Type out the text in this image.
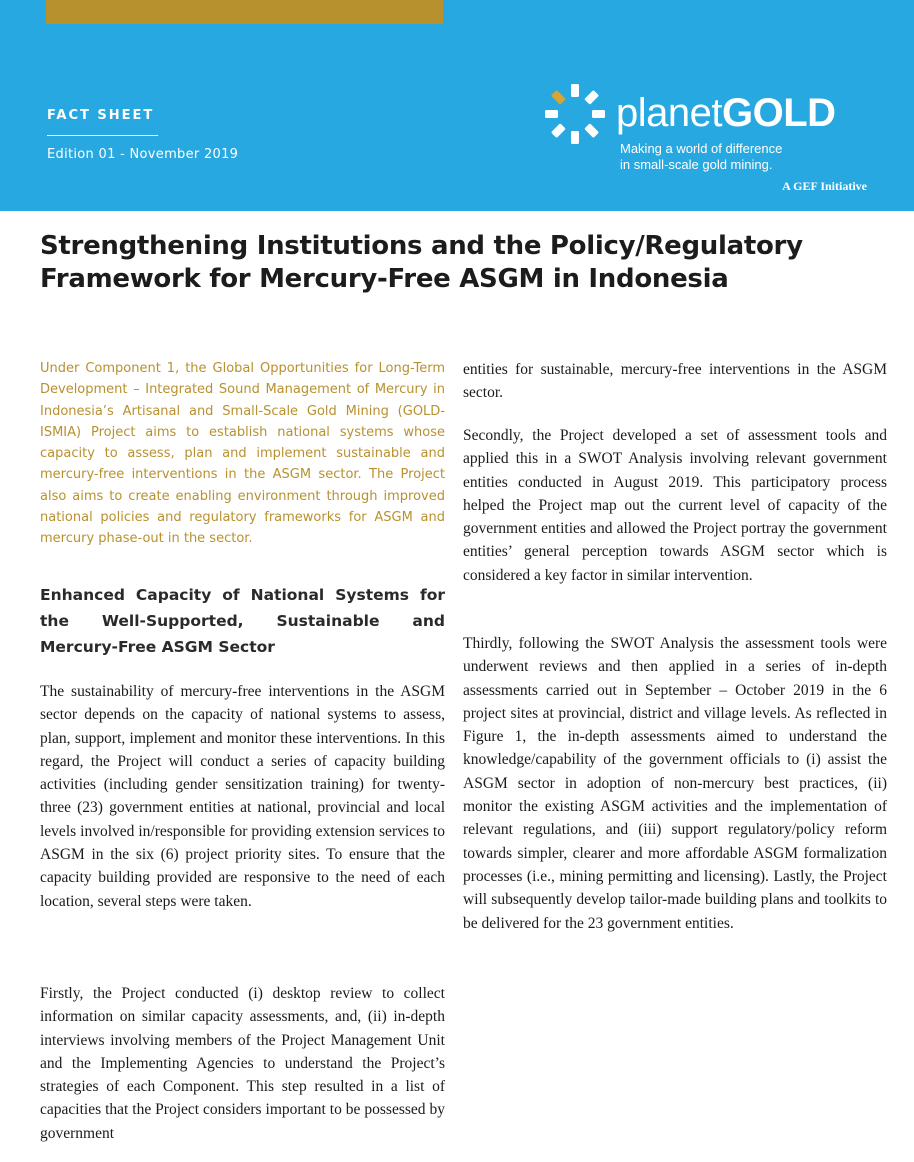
FACT SHEET
Edition 01 - November 2019
planetGOLD
Making a world of difference
in small-scale gold mining.
A GEF Initiative
Strengthening Institutions and the Policy/Regulatory Framework for Mercury-Free ASGM in Indonesia
Under Component 1, the Global Opportunities for Long-Term Development – Integrated Sound Management of Mercury in Indonesia’s Artisanal and Small-Scale Gold Mining (GOLD-ISMIA) Project aims to establish national systems whose capacity to assess, plan and implement sustainable and mercury-free interventions in the ASGM sector. The Project also aims to create enabling environment through improved national policies and regulatory frameworks for ASGM and mercury phase-out in the sector.
Enhanced Capacity of National Systems for the Well-Supported, Sustainable and Mercury-Free ASGM Sector

The sustainability of mercury-free interventions in the ASGM sector depends on the capacity of national systems to assess, plan, support, implement and monitor these interventions. In this regard, the Project will conduct a series of capacity building activities (including gender sensitization training) for twenty-three (23) government entities at national, provincial and local levels involved in/responsible for providing extension services to ASGM in the six (6) project priority sites. To ensure that the capacity building provided are responsive to the need of each location, several steps were taken.

Firstly, the Project conducted (i) desktop review to collect information on similar capacity assessments, and, (ii) in-depth interviews involving members of the Project Management Unit and the Implementing Agencies to understand the Project’s strategies of each Component. This step resulted in a list of capacities that the Project considers important to be possessed by government

entities for sustainable, mercury-free interventions in the ASGM sector.

Secondly, the Project developed a set of assessment tools and applied this in a SWOT Analysis involving relevant government entities conducted in August 2019. This participatory process helped the Project map out the current level of capacity of the government entities and allowed the Project portray the government entities’ general perception towards ASGM sector which is considered a key factor in similar intervention.

Thirdly, following the SWOT Analysis the assessment tools were underwent reviews and then applied in a series of in-depth assessments carried out in September – October 2019 in the 6 project sites at provincial, district and village levels. As reflected in Figure 1, the in-depth assessments aimed to understand the knowledge/capability of the government officials to (i) assist the ASGM sector in adoption of non-mercury best practices, (ii) monitor the existing ASGM activities and the implementation of relevant regulations, and (iii) support regulatory/policy reform towards simpler, clearer and more affordable ASGM formalization processes (i.e., mining permitting and licensing). Lastly, the Project will subsequently develop tailor-made building plans and toolkits to be delivered for the 23 government entities.
